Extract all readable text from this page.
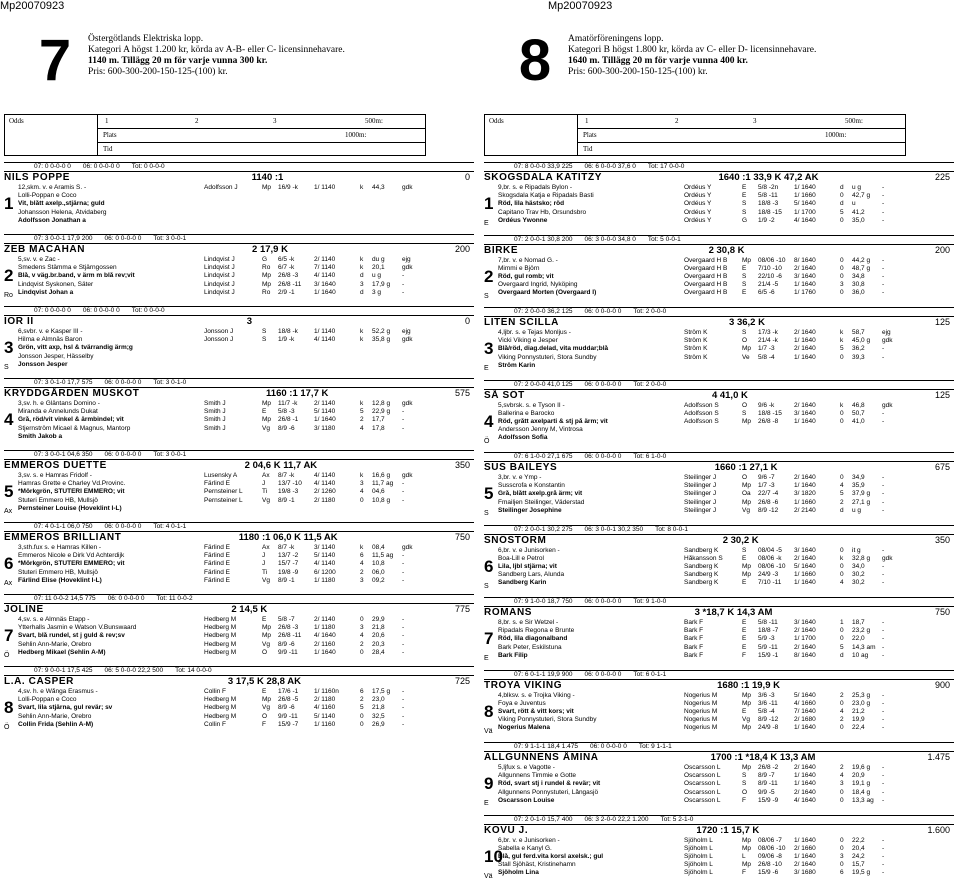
Mp20070923	Mp20070923
7	Östergötlands Elektriska lopp.
Kategori A högst 1.200 kr, körda av A-B- eller C- licensinnehavare.
1140 m. Tillägg 20 m för varje vunna 300 kr.
Pris: 600-300-200-150-125-(100) kr.
Odds	1	2	3	500m:
Plats	1000m:
Tid
07: 0 0-0-0 0 06: 0 0-0-0 0 Tot: 0 0-0-0
NILS POPPE	1140 :1	0
1
12,skm. v. e Aramis S. -
Lolli-Poppan e Coco
Vit, blått axelp.,stjärna; guld
Johansson Helena, Åtvidaberg
Adolfsson Jonathan a
Adolfsson J	Mp	16/9 -k	1/ 1140	k	44,3	gdk
07: 3 0-0-1 17,9 200 06: 0 0-0-0 0 Tot: 3 0-0-1
ZEB MACAHAN	2 17,9 K	200
2
Ro
5,sv. v. e Zac -
Smedens Stämma e Stjärngossen
Blå, v väg.br.band, v ärm m blå rev;vit
Lindqvist Syskonen, Säter
Lindqvist Johan a
Lindqvist J	G	6/5 -k	2/ 1140	k	du g	ejg
Lindqvist J	Ro	6/7 -k	7/ 1140	k	20,1	gdk
Lindqvist J	Mp	26/8 -3	4/ 1140	d	u g	-
Lindqvist J	Mp	26/8 -11	3/ 1640	3	17,9 g	-
Lindqvist J	Ro	2/9 -1	1/ 1640	d	3 g	-
07: 0 0-0-0 0 06: 0 0-0-0 0 Tot: 0 0-0-0
IOR II	3	0
3
S
6,svbr. v. e Kasper III -
Hilma e Almnäs Baron
Grön, vitt axp, hsl & tvärrandig ärm;g
Jonsson Jesper, Hässelby
Jonsson Jesper
Jonsson J	S	18/8 -k	1/ 1140	k	52,2 g	ejg
Jonsson J	S	1/9 -k	4/ 1140	k	35,8 g	gdk
07: 3 0-1-0 17,7 575 06: 0 0-0-0 0 Tot: 3 0-1-0
KRYDDGÅRDEN MUSKOT	1160 :1 17,7 K	575
4
3,sv. h. e Gläntans Domino -
Miranda e Annelunds Dukat
Grå, röd/vit vinkel & ärmbindel; vit
Stjernström Micael & Magnus, Mantorp
Smith Jakob a
Smith J	Mp	11/7 -k	2/ 1140	k	12,8 g	gdk
Smith J	E	5/8 -3	5/ 1140	5	22,9 g	-
Smith J	Mp	26/8 -1	1/ 1640	2	17,7	-
Smith J	Vg	8/9 -6	3/ 1180	4	17,8	-
07: 3 0-0-1 04,6 350 06: 0 0-0-0 0 Tot: 3 0-0-1
EMMEROS DUETTE	2 04,6 K 11,7 AK	350
5
Ax
3,sv. s. e Hamras Fridolf -
Hamras Grette e Charley Vd.Provinc.
*Mörkgrön, STUTERI EMMERO; vit
Stuteri Emmero HB, Mullsjö
Pernsteiner Louise (Hoveklint I-L)
Lusensky A	Ax	8/7 -k	4/ 1140	k	16,6 g	gdk
Färlind E	J	13/7 -10	4/ 1140	3	11,7 ag	-
Pernsteiner L	Ti	19/8 -3	2/ 1260	4	04,6	-
Pernsteiner L	Vg	8/9 -1	2/ 1180	0	10,8 g	-
07: 4 0-1-1 06,0 750 06: 0 0-0-0 0 Tot: 4 0-1-1
EMMEROS BRILLIANT	1180 :1 06,0 K 11,5 AK	750
6
Ax
3,sth.fux s. e Hamras Killen -
Emmeros Nicole e Dirk Vd Achterdijk
*Mörkgrön, STUTERI EMMERO; vit
Stuteri Emmero HB, Mullsjö
Färlind Elise (Hoveklint I-L)
Färlind E	Ax	8/7 -k	3/ 1140	k	08,4	gdk
Färlind E	J	13/7 -2	5/ 1140	6	11,5 ag	-
Färlind E	J	15/7 -7	4/ 1140	4	10,8	-
Färlind E	Ti	19/8 -9	6/ 1200	2	06,0	-
Färlind E	Vg	8/9 -1	1/ 1180	3	09,2	-
07: 11 0-0-2 14,5 775 06: 0 0-0-0 0 Tot: 11 0-0-2
JOLINE	2 14,5 K	775
7
Ö
4,sv. s. e Almnäs Etapp -
Ytterhalls Jasmin e Watson V.Bunswaard
Svart, blå rundel, st j guld & rev;sv
Sehlin Ann-Marie, Örebro
Hedberg Mikael (Sehlin A-M)
Hedberg M	E	5/8 -7	2/ 1140	0	29,9	-
Hedberg M	Mp	26/8 -3	1/ 1180	3	21,8	-
Hedberg M	Mp	26/8 -11	4/ 1640	4	20,6	-
Hedberg M	Vg	8/9 -6	2/ 1160	2	20,3	-
Hedberg M	Ö	9/9 -11	1/ 1640	0	28,4	-
07: 9 0-0-1 17,5 425 06: 5 0-0-0 22,2 500 Tot: 14 0-0-0
L.A. CASPER	3 17,5 K 28,8 AK	725
8
Ö
4,sv. h. e Wånga Erasmus -
Lolli-Poppan e Coco
Svart, lila stjärna, gul revär; sv
Sehlin Ann-Marie, Örebro
Collin Frida (Sehlin A-M)
Collin F	E	17/6 -1	1/ 1160n	6	17,5 g	-
Hedberg M	Mp	26/8 -5	2/ 1180	2	23,0	-
Hedberg M	Vg	8/9 -6	4/ 1160	5	21,8	-
Hedberg M	Ö	9/9 -11	5/ 1140	0	32,5	-
Collin F	F	15/9 -7	1/ 1160	0	26,9	-
8	Amatörföreningens lopp.
Kategori B högst 1.800 kr, körda av C- eller D- licensinnehavare.
1640 m. Tillägg 20 m för varje vunna 400 kr.
Pris: 600-300-200-150-125-(100) kr.
Odds	1	2	3	500m:
Plats	1000m:
Tid
07: 8 0-0-0 33,9 225 06: 6 0-0-0 37,6 0 Tot: 17 0-0-0
SKOGSDALA KATITZY	1640 :1 33,9 K 47,2 AK	225
1
E
9,br. s. e Ripadals Bylon -
Skogsdala Katja e Ripadals Basti
Röd, lila hästsko; röd
Capitano Trav Hb, Örsundsbro
Ordéus Ywonne
Ordéus Y	E	5/8 -2n	1/ 1640	d	u g	-
Ordéus Y	E	5/8 -11	1/ 1660	0	42,7 g	-
Ordéus Y	S	18/8 -3	5/ 1640	d	u	-
Ordéus Y	S	18/8 -15	1/ 1700	5	41,2	-
Ordéus Y	G	1/9 -2	4/ 1640	0	35,0	-
07: 2 0-0-1 30,8 200 06: 3 0-0-0 34,8 0 Tot: 5 0-0-1
BIRKE	2 30,8 K	200
2
S
7,br. v. e Nomad G. -
Mimmi e Björn
Röd, gul romb; vit
Overgaard Ingrid, Nyköping
Overgaard Morten (Overgaard I)
Overgaard H B	Mp	08/06 -10	8/ 1640	0	44,2 g	-
Overgaard H B	E	7/10 -10	2/ 1640	0	48,7 g	-
Overgaard H B	S	22/10 -6	3/ 1640	0	34,8	-
Overgaard H B	S	21/4 -5	1/ 1640	3	30,8	-
Overgaard H B	E	6/5 -6	1/ 1760	0	36,0	-
07: 2 0-0-0 36,2 125 06: 0 0-0-0 0 Tot: 2 0-0-0
LITEN SCILLA	3 36,2 K	125
3
E
4,ljbr. s. e Tejas Monljus -
Vicki Viking e Jesper
Blå/röd, diag.delad, vita muddar;blå
Viking Ponnystuteri, Stora Sundby
Ström Karin
Ström K	S	17/3 -k	2/ 1640	k	58,7	ejg
Ström K	Ö	21/4 -k	1/ 1640	k	45,0 g	gdk
Ström K	Mp	1/7 -3	2/ 1640	5	36,2	-
Ström K	Ve	5/8 -4	1/ 1640	0	39,3	-
07: 2 0-0-0 41,0 125 06: 0 0-0-0 0 Tot: 2 0-0-0
SÅ SÖT	4 41,0 K	125
4
Ö
5,svbrsk. s. e Tyson II -
Ballerina e Barocko
Röd, grått axelparti & stj på ärm; vit
Andersson Jenny M, Vintrosa
Adolfsson Sofia
Adolfsson S	Ö	9/6 -k	2/ 1640	k	46,8	gdk
Adolfsson S	S	18/8 -15	3/ 1640	0	50,7	-
Adolfsson S	Mp	26/8 -8	1/ 1640	0	41,0	-
07: 6 1-0-0 27,1 675 06: 0 0-0-0 0 Tot: 6 1-0-0
SUS BAILEYS	1660 :1 27,1 K	675
5
S
3,br. v. e Ymp -
Susscrofa e Konstantin
Grå, blått axelp.grå ärm; vit
Fmailjen Steilinger, Väderstad
Steilinger Josephine
Steilinger J	Ö	9/6 -7	2/ 1640	0	34,9	-
Steilinger J	Mp	1/7 -3	1/ 1640	4	35,9	-
Steilinger J	Oa	22/7 -4	3/ 1820	5	37,9 g	-
Steilinger J	Mp	26/8 -6	1/ 1660	2	27,1 g	-
Steilinger J	Vg	8/9 -12	2/ 2140	d	u g	-
07: 2 0-0-1 30,2 275 06: 3 0-0-1 30,2 350 Tot: 8 0-0-1
SNÖSTORM	2 30,2 K	350
6
S
6,br. v. e Junisorken -
Boa-Lill e Petrol
Lila, ljbl stjärna; vit
Sandberg Lars, Alunda
Sandberg Karin
Sandberg K	S	08/04 -5	3/ 1640	0	it g	-
Håkansson S	E	08/06 -k	2/ 1640	k	32,8 g	gdk
Sandberg K	Mp	08/06 -10	5/ 1640	0	34,0	-
Sandberg K	Mp	24/9 -3	1/ 1660	0	30,2	-
Sandberg K	E	7/10 -11	1/ 1640	4	30,2	-
07: 9 1-0-0 18,7 750 06: 0 0-0-0 0 Tot: 9 1-0-0
ROMANS	3 *18,7 K 14,3 AM	750
7
E
8,br. s. e Sir Wetzel -
Ripadals Regona e Brunte
Röd, lila diagonalband
Bark Peter, Eskilstuna
Bark Filip
Bark F	E	5/8 -11	3/ 1640	1	18,7	-
Bark F	E	18/8 -7	2/ 1640	0	23,2 g	-
Bark F	E	5/9 -3	1/ 1700	0	22,0	-
Bark F	E	5/9 -11	2/ 1640	5	14,3 am	-
Bark F	F	15/9 -1	8/ 1640	d	10 ag	-
07: 6 0-1-1 19,9 900 06: 0 0-0-0 0 Tot: 6 0-1-1
TROYA VIKING	1680 :1 19,9 K	900
8
Vä
4,blksv. s. e Trojka Viking -
Foya e Juventus
Svart, rött & vitt kors; vit
Viking Ponnystuteri, Stora Sundby
Nogerius Malena
Nogerius M	Mp	3/6 -3	5/ 1640	2	25,3 g	-
Nogerius M	Mp	3/6 -11	4/ 1660	0	23,0 g	-
Nogerius M	E	5/8 -4	7/ 1640	4	21,2	-
Nogerius M	Vg	8/9 -12	2/ 1680	2	19,9	-
Nogerius M	Mp	24/9 -8	1/ 1640	0	22,4	-
07: 9 1-1-1 18,4 1.475 06: 0 0-0-0 0 Tot: 9 1-1-1
ALLGUNNENS ÅMINA	1700 :1 *18,4 K 13,3 AM	1.475
9
E
5,ljfux s. e Vagotte -
Allgunnens Timmie e Gotte
Röd, svart stj i rundel & revär; vit
Allgunnens Ponnystuteri, Långasjö
Oscarsson Louise
Oscarsson L	Mp	26/8 -2	2/ 1640	2	19,6 g	-
Oscarsson L	S	8/9 -7	1/ 1640	4	20,9	-
Oscarsson L	S	8/9 -11	1/ 1640	3	19,1 g	-
Oscarsson L	Ö	9/9 -5	2/ 1640	0	18,4 g	-
Oscarsson L	F	15/9 -9	4/ 1640	0	13,3 ag	-
07: 2 0-1-0 15,7 400 06: 3 2-0-0 22,2 1.200 Tot: 5 2-1-0
KOVU J.	1720 :1 15,7 K	1.600
10
Vä
6,br. v. e Junisorken -
Sabella e Kanyl G.
Blå, gul ferd.vita korsl axelsk.; gul
Stall Sjöhäst, Kristinehamn
Sjöholm Lina
Sjöholm L	Mp	08/06 -7	1/ 1640	0	22,2	-
Sjöholm L	Mp	08/06 -10	2/ 1660	0	20,4	-
Sjöholm L	L	09/06 -8	1/ 1640	3	24,2	-
Sjöholm L	Mp	26/8 -10	2/ 1640	0	15,7	-
Sjöholm L	F	15/9 -6	3/ 1680	6	19,5 g	-
